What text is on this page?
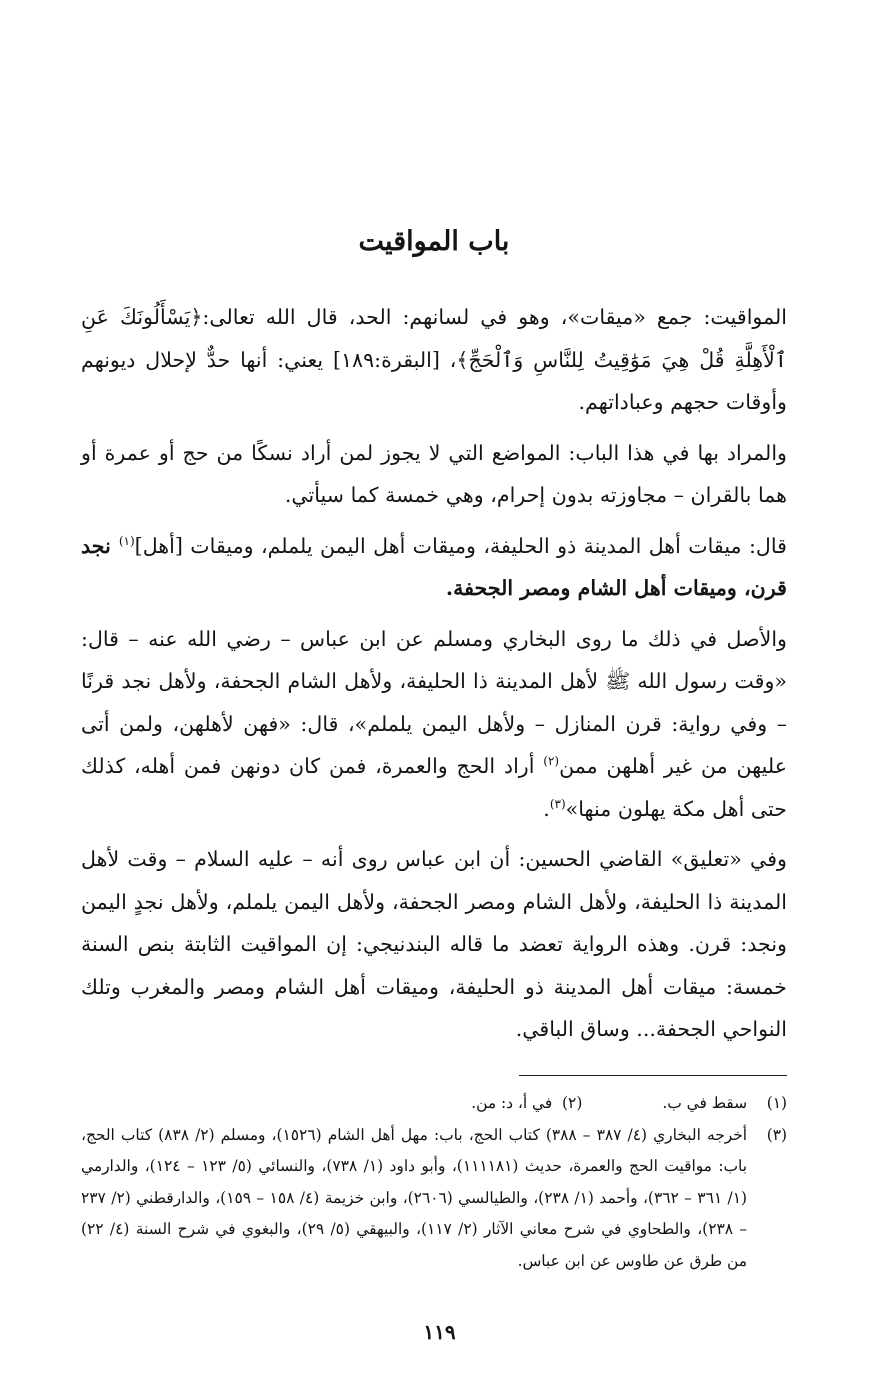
باب المواقيت

المواقيت: جمع «ميقات»، وهو في لسانهم: الحد، قال الله تعالى:﴿يَسْأَلُونَكَ عَنِ ٱلْأَهِلَّةِ قُلْ هِيَ مَوَٰقِيتُ لِلنَّاسِ وَٱلْحَجِّ﴾، [البقرة:١٨٩] يعني: أنها حدٌّ لإحلال ديونهم وأوقات حجهم وعباداتهم.

والمراد بها في هذا الباب: المواضع التي لا يجوز لمن أراد نسكًا من حج أو عمرة أو هما بالقران – مجاوزته بدون إحرام، وهي خمسة كما سيأتي.

قال: ميقات أهل المدينة ذو الحليفة، وميقات أهل اليمن يلملم، وميقات [أهل]$^{(١)}$ نجد قرن، وميقات أهل الشام ومصر الجحفة.

والأصل في ذلك ما روى البخاري ومسلم عن ابن عباس – رضي الله عنه – قال: «وقت رسول الله ﷺ لأهل المدينة ذا الحليفة، ولأهل الشام الجحفة، ولأهل نجد قرنًا – وفي رواية: قرن المنازل – ولأهل اليمن يلملم»، قال: «فهن لأهلهن، ولمن أتى عليهن من غير أهلهن ممن$^{(٢)}$ أراد الحج والعمرة، فمن كان دونهن فمن أهله، كذلك حتى أهل مكة يهلون منها»$^{(٣)}$.

وفي «تعليق» القاضي الحسين: أن ابن عباس روى أنه – عليه السلام – وقت لأهل المدينة ذا الحليفة، ولأهل الشام ومصر الجحفة، ولأهل اليمن يلملم، ولأهل نجدٍ اليمن ونجد: قرن. وهذه الرواية تعضد ما قاله البندنيجي: إن المواقيت الثابتة بنص السنة خمسة: ميقات أهل المدينة ذو الحليفة، وميقات أهل الشام ومصر والمغرب وتلك النواحي الجحفة... وساق الباقي.

(١)
سقط في ب.(٢)  في أ، د: من.
(٣)
أخرجه البخاري (٤/ ٣٨٧ – ٣٨٨) كتاب الحج، باب: مهل أهل الشام (١٥٢٦)، ومسلم (٢/ ٨٣٨) كتاب الحج، باب: مواقيت الحج والعمرة، حديث (١١١١٨١)، وأبو داود (١/ ٧٣٨)، والنسائي (٥/ ١٢٣ – ١٢٤)، والدارمي (١/ ٣٦١ – ٣٦٢)، وأحمد (١/ ٢٣٨)، والطيالسي (٢٦٠٦)، وابن خزيمة (٤/ ١٥٨ – ١٥٩)، والدارقطني (٢/ ٢٣٧ – ٢٣٨)، والطحاوي في شرح معاني الآثار (٢/ ١١٧)، والبيهقي (٥/ ٢٩)، والبغوي في شرح السنة (٤/ ٢٢) من طرق عن طاوس عن ابن عباس.
١١٩
